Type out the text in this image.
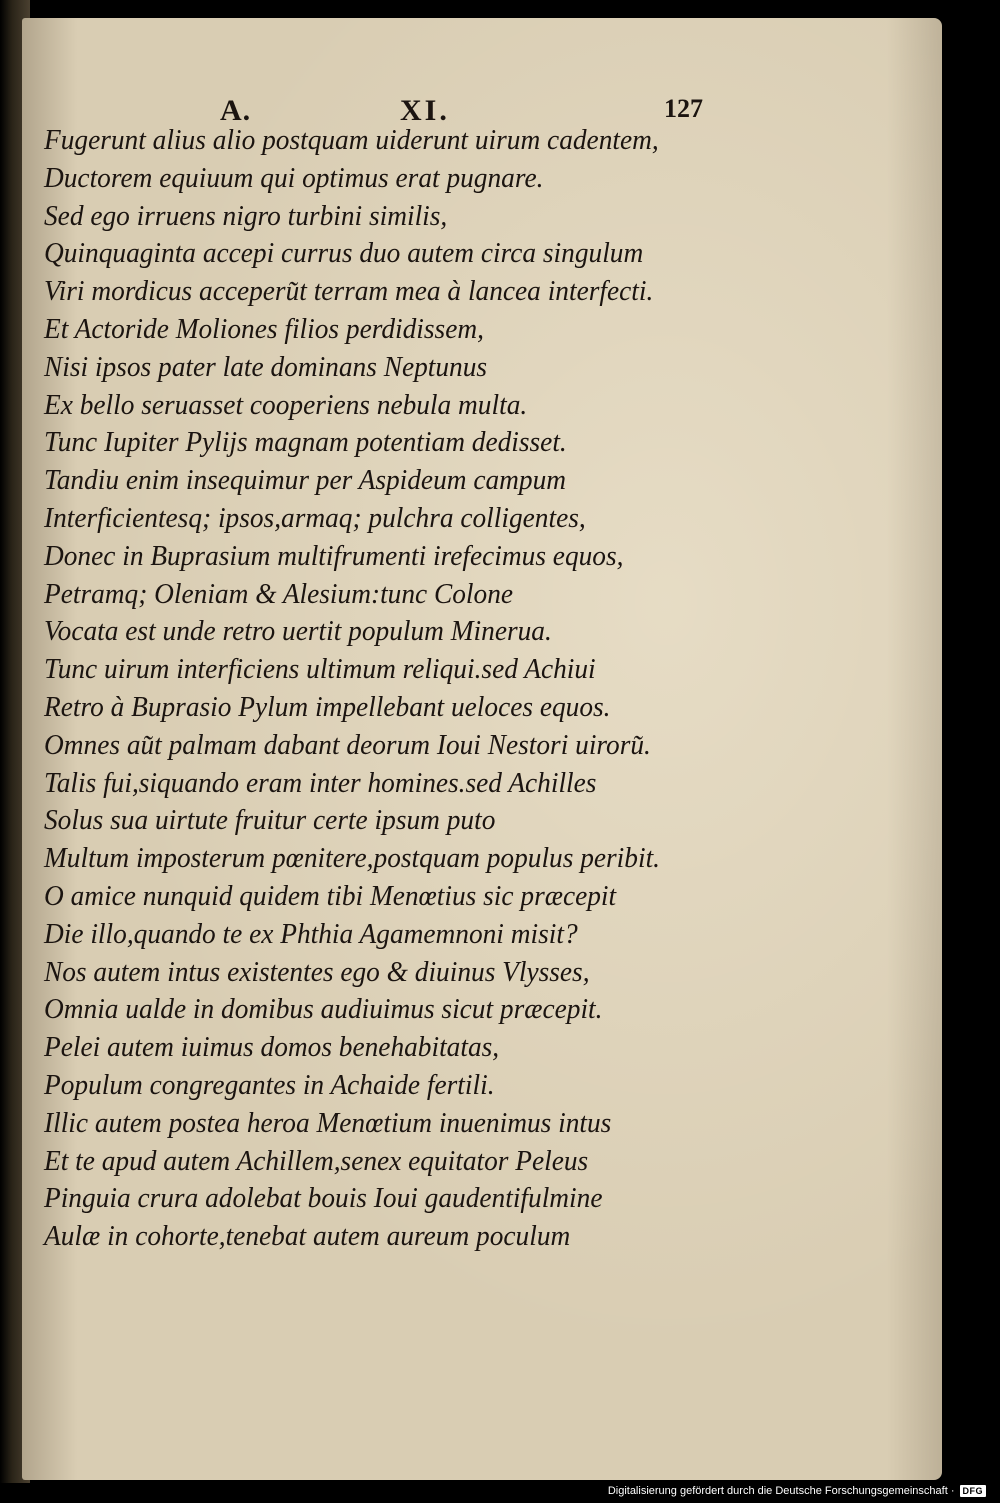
A.	XI.	127
Fugerunt alius alio postquam uiderunt uirum cadentem,
Ductorem equiuum qui optimus erat pugnare.
Sed ego irruens nigro turbini similis,
Quinquaginta accepi currus duo autem circa singulum
Viri mordicus acceperu͂t terram mea à lancea interfecti.
Et Actoride Moliones filios perdidissem,
Nisi ipsos pater late dominans Neptunus
Ex bello seruasset cooperiens nebula multa.
Tunc Iupiter Pylijs magnam potentiam dedisset.
Tandiu enim insequimur per Aspideum campum
Interficientesq; ipsos,armaq; pulchra colligentes,
Donec in Buprasium multifrumenti irefecimus equos,
Petramq; Oleniam & Alesium:tunc Colone
Vocata est unde retro uertit populum Minerua.
Tunc uirum interficiens ultimum reliqui.sed Achiui
Retro à Buprasio Pylum impellebant ueloces equos.
Omnes au͂t palmam dabant deorum Ioui Nestori uiroru͂.
Talis fui,siquando eram inter homines.sed Achilles
Solus sua uirtute fruitur certe ipsum puto
Multum imposterum pœnitere,postquam populus peribit.
O amice nunquid quidem tibi Menœtius sic præcepit
Die illo,quando te ex Phthia Agamemnoni misit?
Nos autem intus existentes ego & diuinus Vlysses,
Omnia ualde in domibus audiuimus sicut præcepit.
Pelei autem iuimus domos benehabitatas,
Populum congregantes in Achaide fertili.
Illic autem postea heroa Menœtium inuenimus intus
Et te apud autem Achillem,senex equitator Peleus
Pinguia crura adolebat bouis Ioui gaudentifulmine
Aulæ in cohorte,tenebat autem aureum poculum
Digitalisierung gefördert durch die Deutsche Forschungsgemeinschaft · DFG
